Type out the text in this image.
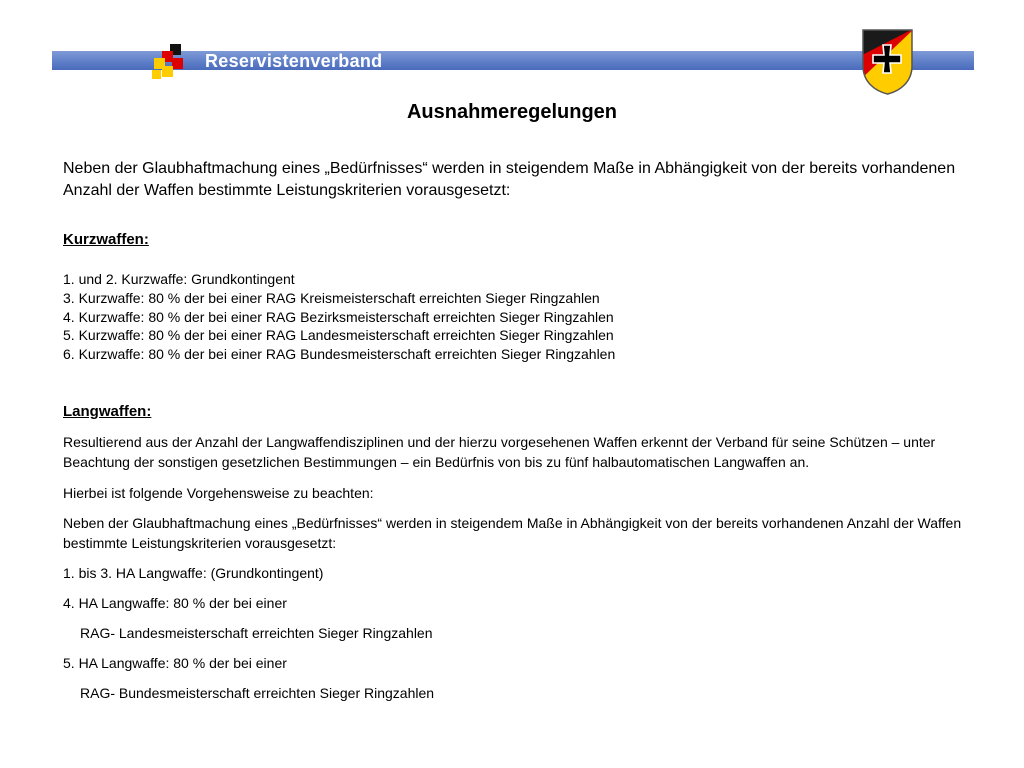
Reservistenverband
Ausnahmeregelungen

Neben der Glaubhaftmachung eines „Bedürfnisses“ werden in steigendem Maße in Abhängigkeit von der bereits vorhandenen Anzahl der Waffen bestimmte Leistungskriterien vorausgesetzt:

Kurzwaffen:
1. und 2. Kurzwaffe: Grundkontingent
3. Kurzwaffe: 80 % der bei einer RAG Kreismeisterschaft erreichten Sieger Ringzahlen
4. Kurzwaffe: 80 % der bei einer RAG Bezirksmeisterschaft erreichten Sieger Ringzahlen
5. Kurzwaffe: 80 % der bei einer RAG Landesmeisterschaft erreichten Sieger Ringzahlen
6. Kurzwaffe: 80 % der bei einer RAG Bundesmeisterschaft erreichten Sieger Ringzahlen
Langwaffen:

Resultierend aus der Anzahl der Langwaffendisziplinen und der hierzu vorgesehenen Waffen erkennt der Verband für seine Schützen – unter Beachtung der sonstigen gesetzlichen Bestimmungen – ein Bedürfnis von bis zu fünf halbautomatischen Langwaffen an.

Hierbei ist folgende Vorgehensweise zu beachten:

Neben der Glaubhaftmachung eines „Bedürfnisses“ werden in steigendem Maße in Abhängigkeit von der bereits vorhandenen Anzahl der Waffen bestimmte Leistungskriterien vorausgesetzt:

1. bis 3. HA Langwaffe: (Grundkontingent)

4. HA Langwaffe: 80 % der bei einer

RAG- Landesmeisterschaft erreichten Sieger Ringzahlen

5. HA Langwaffe: 80 % der bei einer

RAG- Bundesmeisterschaft erreichten Sieger Ringzahlen
